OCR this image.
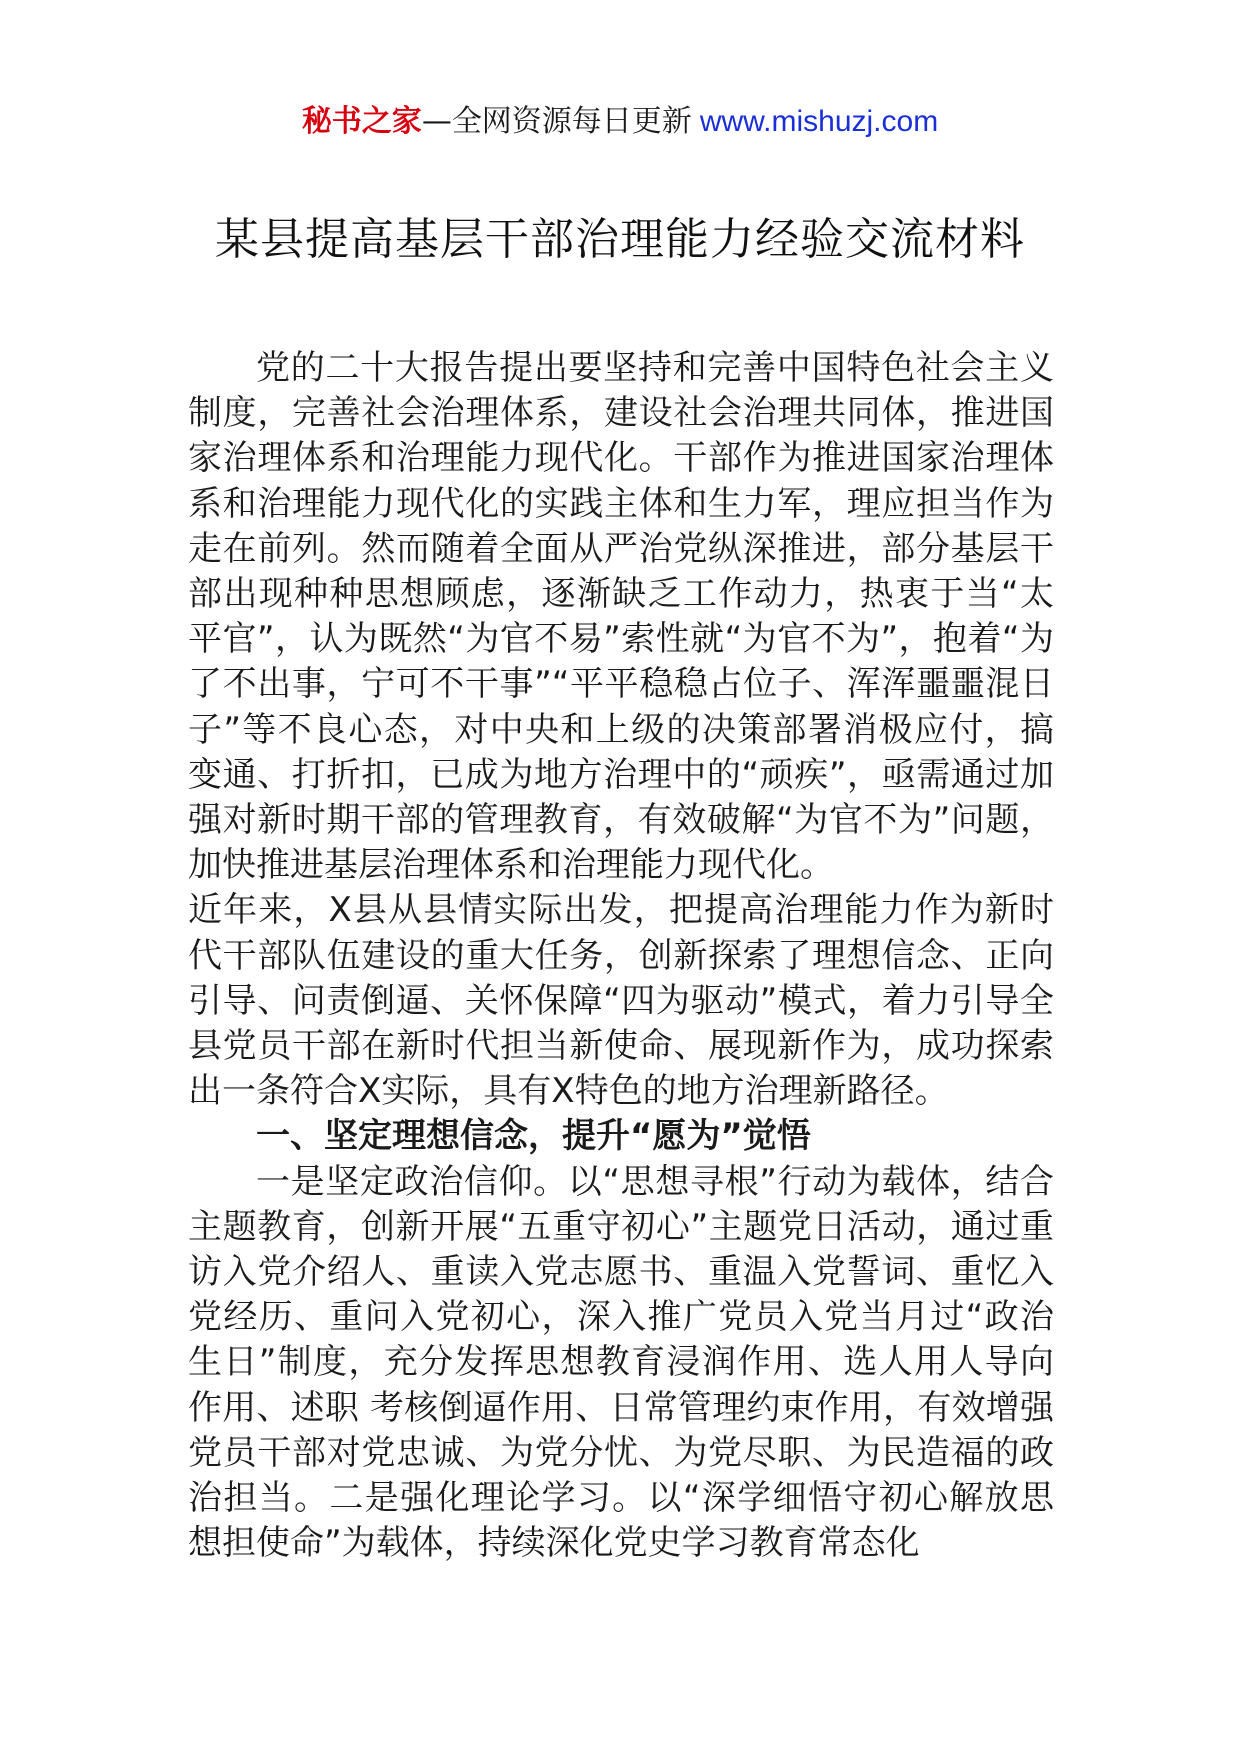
秘书之家—全网资源每日更新 www.mishuzj.com
某县提高基层干部治理能力经验交流材料

党的二十大报告提出要坚持和完善中国特色社会主义制度，完善社会治理体系，建设社会治理共同体，推进国家治理体系和治理能力现代化。干部作为推进国家治理体系和治理能力现代化的实践主体和生力军，理应担当作为走在前列。然而随着全面从严治党纵深推进，部分基层干部出现种种思想顾虑，逐渐缺乏工作动力，热衷于当“太平官”，认为既然“为官不易”索性就“为官不为”，抱着“为了不出事，宁可不干事”“平平稳稳占位子、浑浑噩噩混日子”等不良心态，对中央和上级的决策部署消极应付，搞变通、打折扣，已成为地方治理中的“顽疾”，亟需通过加强对新时期干部的管理教育，有效破解“为官不为”问题，加快推进基层治理体系和治理能力现代化。

近年来，X县从县情实际出发，把提高治理能力作为新时代干部队伍建设的重大任务，创新探索了理想信念、正向引导、问责倒逼、关怀保障“四为驱动”模式，着力引导全县党员干部在新时代担当新使命、展现新作为，成功探索出一条符合X实际，具有X特色的地方治理新路径。

一、坚定理想信念，提升“愿为”觉悟

一是坚定政治信仰。以“思想寻根”行动为载体，结合主题教育，创新开展“五重守初心”主题党日活动，通过重访入党介绍人、重读入党志愿书、重温入党誓词、重忆入党经历、重问入党初心，深入推广党员入党当月过“政治生日”制度，充分发挥思想教育浸润作用、选人用人导向作用、述职 考核倒逼作用、日常管理约束作用，有效增强党员干部对党忠诚、为党分忧、为党尽职、为民造福的政治担当。二是强化理论学习。以“深学细悟守初心解放思想担使命”为载体，持续深化党史学习教育常态化
